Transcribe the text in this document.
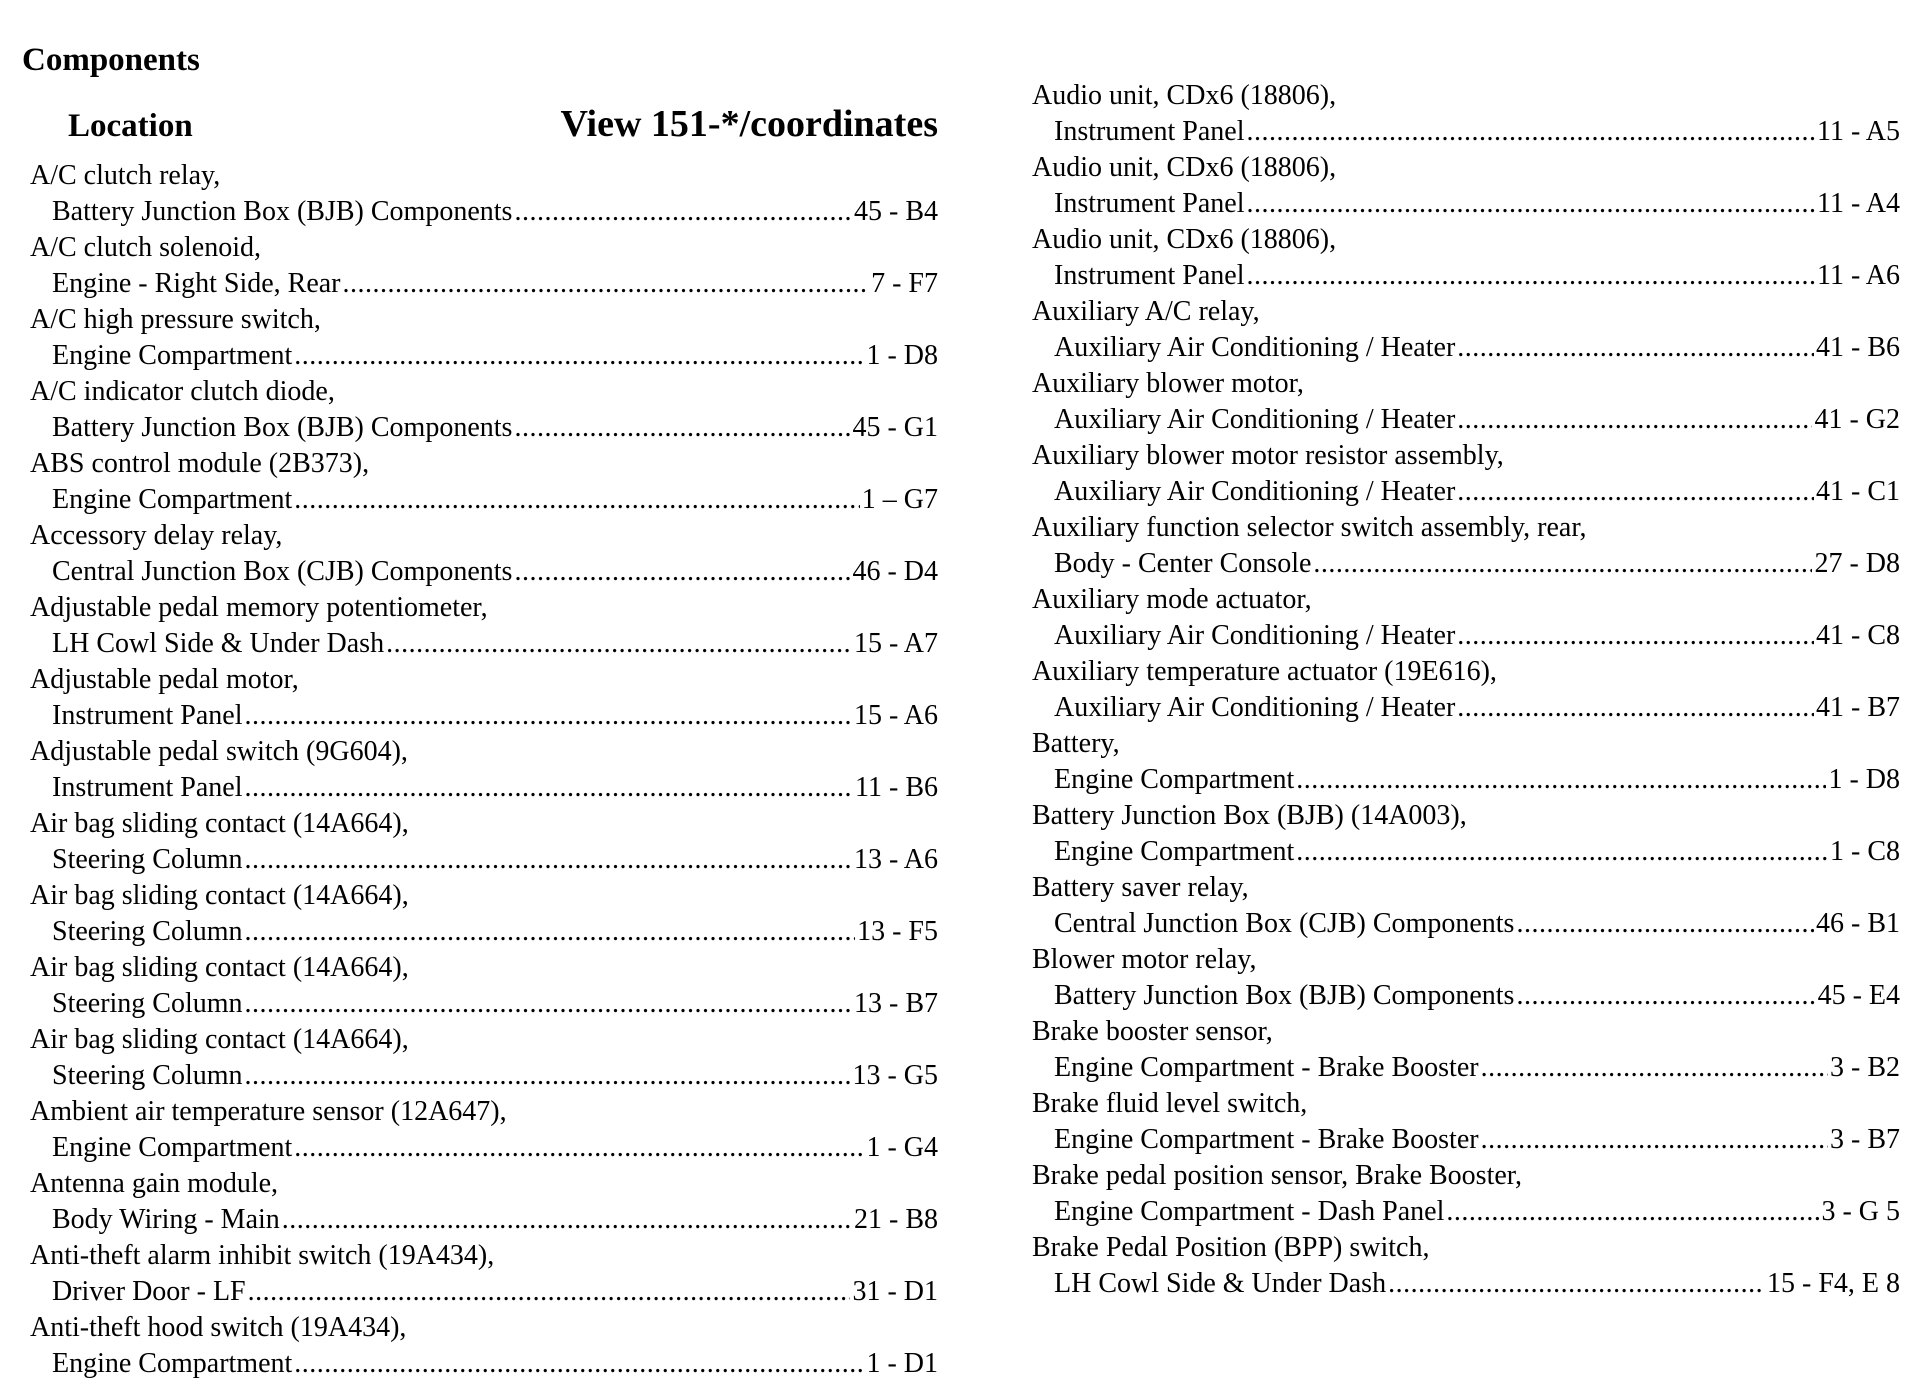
Components
Location	View 151-*/coordinates
A/C clutch relay,
Battery Junction Box (BJB) Components .....	45 - B4
A/C clutch solenoid,
Engine - Right Side, Rear .....	7 - F7
A/C high pressure switch,
Engine Compartment .....	1 - D8
A/C indicator clutch diode,
Battery Junction Box (BJB) Components .....	45 - G1
ABS control module (2B373),
Engine Compartment .....	1 – G7
Accessory delay relay,
Central Junction Box (CJB) Components .....	46 - D4
Adjustable pedal memory potentiometer,
LH Cowl Side & Under Dash .....	15 - A7
Adjustable pedal motor,
Instrument Panel .....	15 - A6
Adjustable pedal switch (9G604),
Instrument Panel .....	11 - B6
Air bag sliding contact (14A664),
Steering Column .....	13 - A6
Air bag sliding contact (14A664),
Steering Column .....	13 - F5
Air bag sliding contact (14A664),
Steering Column .....	13 - B7
Air bag sliding contact (14A664),
Steering Column .....	13 - G5
Ambient air temperature sensor (12A647),
Engine Compartment .....	1 - G4
Antenna gain module,
Body Wiring - Main .....	21 - B8
Anti-theft alarm inhibit switch (19A434),
Driver Door - LF .....	31 - D1
Anti-theft hood switch (19A434),
Engine Compartment .....	1 - D1
Audio unit, CDx6 (18806),
Instrument Panel .....	11 - A5
Audio unit, CDx6 (18806),
Instrument Panel .....	11 - A4
Audio unit, CDx6 (18806),
Instrument Panel .....	11 - A6
Auxiliary A/C relay,
Auxiliary Air Conditioning / Heater .....	41 - B6
Auxiliary blower motor,
Auxiliary Air Conditioning / Heater .....	41 - G2
Auxiliary blower motor resistor assembly,
Auxiliary Air Conditioning / Heater .....	41 - C1
Auxiliary function selector switch assembly, rear,
Body - Center Console .....	27 - D8
Auxiliary mode actuator,
Auxiliary Air Conditioning / Heater .....	41 - C8
Auxiliary temperature actuator (19E616),
Auxiliary Air Conditioning / Heater .....	41 - B7
Battery,
Engine Compartment .....	1 - D8
Battery Junction Box (BJB) (14A003),
Engine Compartment .....	1 - C8
Battery saver relay,
Central Junction Box (CJB) Components .....	46 - B1
Blower motor relay,
Battery Junction Box (BJB) Components .....	45 - E4
Brake booster sensor,
Engine Compartment - Brake Booster .....	3 - B2
Brake fluid level switch,
Engine Compartment - Brake Booster .....	3 - B7
Brake pedal position sensor, Brake Booster,
Engine Compartment - Dash Panel .....	3 - G 5
Brake Pedal Position (BPP) switch,
LH Cowl Side & Under Dash .....	15 - F4, E 8
